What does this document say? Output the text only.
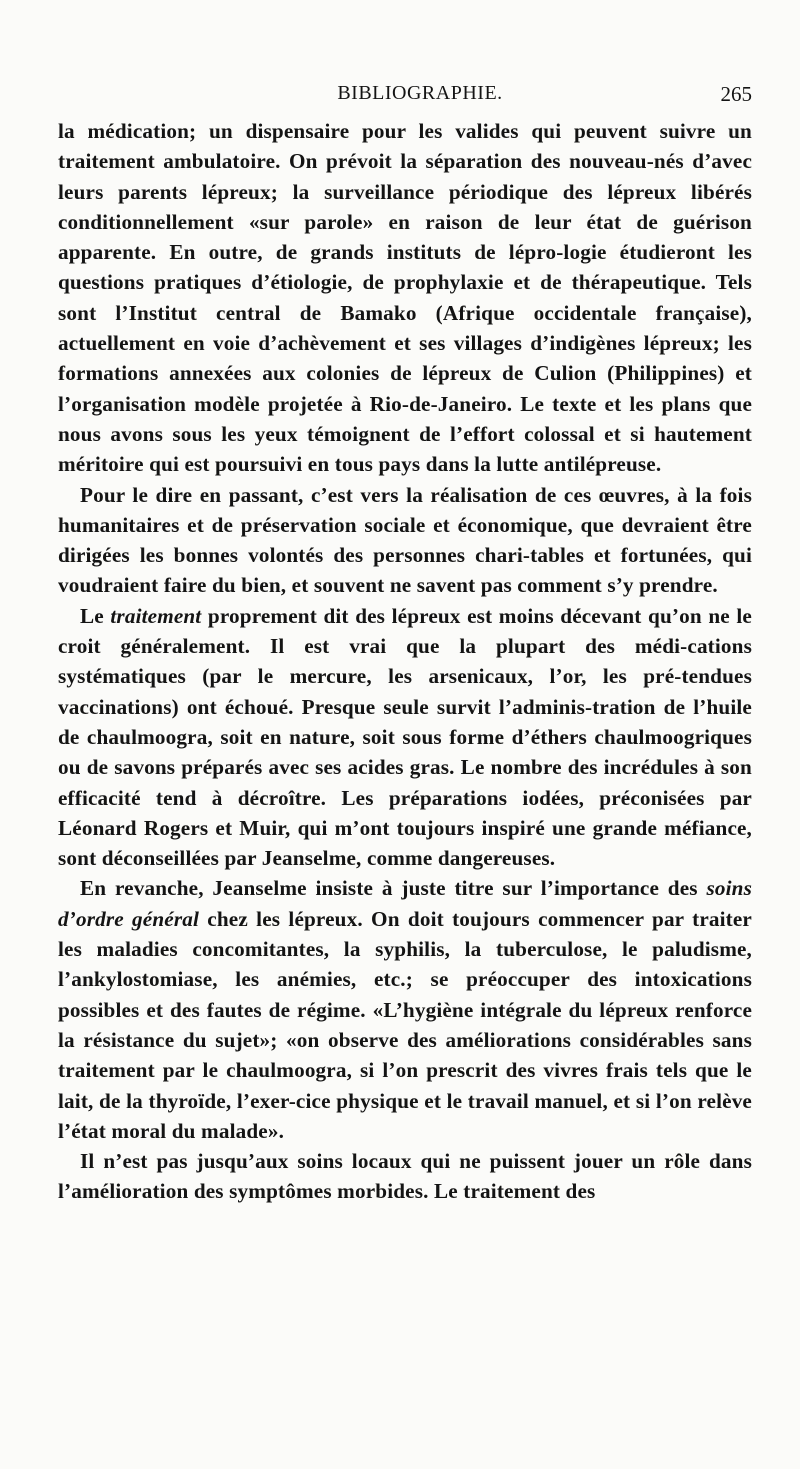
BIBLIOGRAPHIE.	265

la médication; un dispensaire pour les valides qui peuvent suivre un traitement ambulatoire. On prévoit la séparation des nouveau-nés d’avec leurs parents lépreux; la surveillance périodique des lépreux libérés conditionnellement «sur parole» en raison de leur état de guérison apparente. En outre, de grands instituts de lépro-logie étudieront les questions pratiques d’étiologie, de prophylaxie et de thérapeutique. Tels sont l’Institut central de Bamako (Afrique occidentale française), actuellement en voie d’achèvement et ses villages d’indigènes lépreux; les formations annexées aux colonies de lépreux de Culion (Philippines) et l’organisation modèle projetée à Rio-de-Janeiro. Le texte et les plans que nous avons sous les yeux témoignent de l’effort colossal et si hautement méritoire qui est poursuivi en tous pays dans la lutte antilépreuse.

Pour le dire en passant, c’est vers la réalisation de ces œuvres, à la fois humanitaires et de préservation sociale et économique, que devraient être dirigées les bonnes volontés des personnes chari-tables et fortunées, qui voudraient faire du bien, et souvent ne savent pas comment s’y prendre.

Le traitement proprement dit des lépreux est moins décevant qu’on ne le croit généralement. Il est vrai que la plupart des médi-cations systématiques (par le mercure, les arsenicaux, l’or, les pré-tendues vaccinations) ont échoué. Presque seule survit l’adminis-tration de l’huile de chaulmoogra, soit en nature, soit sous forme d’éthers chaulmoogriques ou de savons préparés avec ses acides gras. Le nombre des incrédules à son efficacité tend à décroître. Les préparations iodées, préconisées par Léonard Rogers et Muir, qui m’ont toujours inspiré une grande méfiance, sont déconseillées par Jeanselme, comme dangereuses.

En revanche, Jeanselme insiste à juste titre sur l’importance des soins d’ordre général chez les lépreux. On doit toujours commencer par traiter les maladies concomitantes, la syphilis, la tuberculose, le paludisme, l’ankylostomiase, les anémies, etc.; se préoccuper des intoxications possibles et des fautes de régime. «L’hygiène intégrale du lépreux renforce la résistance du sujet»; «on observe des améliorations considérables sans traitement par le chaulmoogra, si l’on prescrit des vivres frais tels que le lait, de la thyroïde, l’exer-cice physique et le travail manuel, et si l’on relève l’état moral du malade».

Il n’est pas jusqu’aux soins locaux qui ne puissent jouer un rôle dans l’amélioration des symptômes morbides. Le traitement des
